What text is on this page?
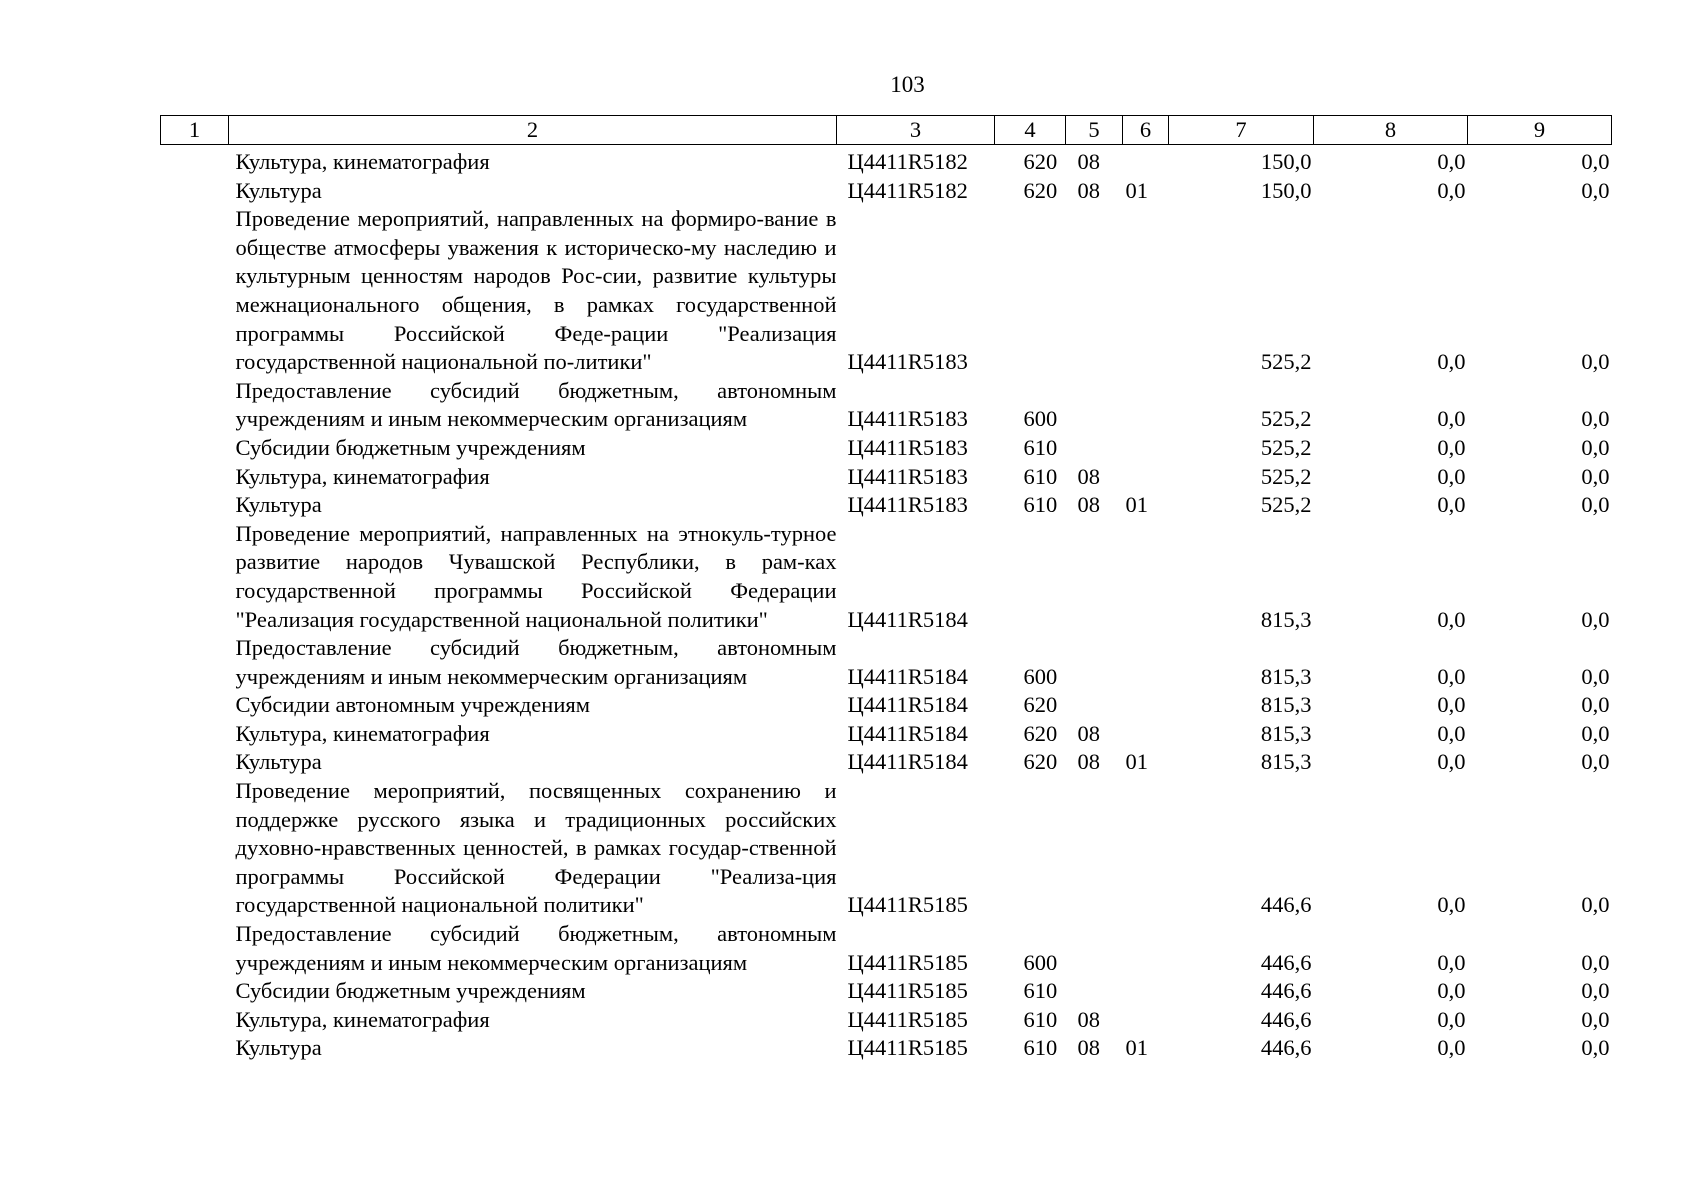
103
1	2	3	4	5	6	7	8	9
	Культура, кинематография	Ц4411R5182	620	08		150,0	0,0	0,0
	Культура	Ц4411R5182	620	08	01	150,0	0,0	0,0
	Проведение мероприятий, направленных на формиро-вание в обществе атмосферы уважения к историческо-му наследию и культурным ценностям народов Рос-сии, развитие культуры межнационального общения, в рамках государственной программы Российской Феде-рации "Реализация государственной национальной по-литики"	Ц4411R5183				525,2	0,0	0,0
	Предоставление субсидий бюджетным, автономным учреждениям и иным некоммерческим организациям	Ц4411R5183	600			525,2	0,0	0,0
	Субсидии бюджетным учреждениям	Ц4411R5183	610			525,2	0,0	0,0
	Культура, кинематография	Ц4411R5183	610	08		525,2	0,0	0,0
	Культура	Ц4411R5183	610	08	01	525,2	0,0	0,0
	Проведение мероприятий, направленных на этнокуль-турное развитие народов Чувашской Республики, в рам-ках государственной программы Российской Федерации "Реализация государственной национальной политики"	Ц4411R5184				815,3	0,0	0,0
	Предоставление субсидий бюджетным, автономным учреждениям и иным некоммерческим организациям	Ц4411R5184	600			815,3	0,0	0,0
	Субсидии автономным учреждениям	Ц4411R5184	620			815,3	0,0	0,0
	Культура, кинематография	Ц4411R5184	620	08		815,3	0,0	0,0
	Культура	Ц4411R5184	620	08	01	815,3	0,0	0,0
	Проведение мероприятий, посвященных сохранению и поддержке русского языка и традиционных российских духовно-нравственных ценностей, в рамках государ-ственной программы Российской Федерации "Реализа-ция государственной национальной политики"	Ц4411R5185				446,6	0,0	0,0
	Предоставление субсидий бюджетным, автономным учреждениям и иным некоммерческим организациям	Ц4411R5185	600			446,6	0,0	0,0
	Субсидии бюджетным учреждениям	Ц4411R5185	610			446,6	0,0	0,0
	Культура, кинематография	Ц4411R5185	610	08		446,6	0,0	0,0
	Культура	Ц4411R5185	610	08	01	446,6	0,0	0,0
